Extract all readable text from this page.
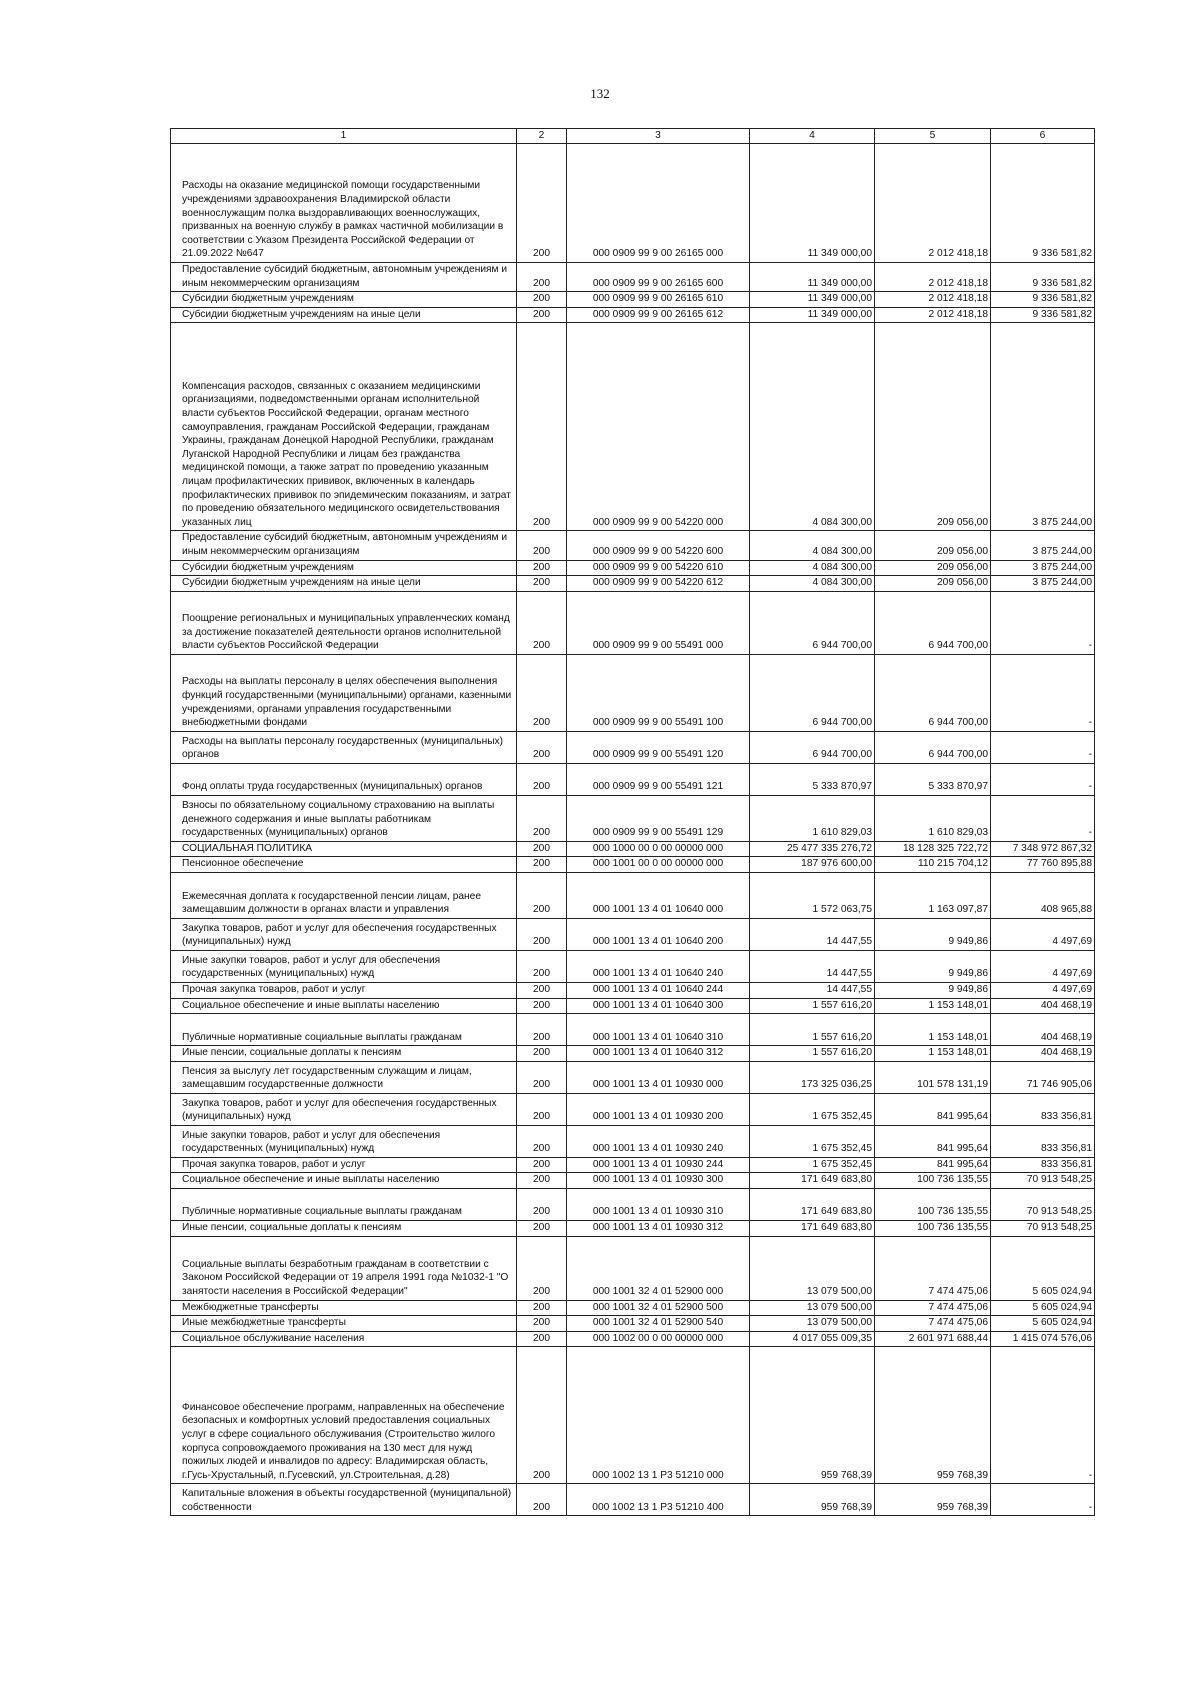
132
1	2	3	4	5	6
Расходы на оказание медицинской помощи государственными учреждениями здравоохранения Владимирской области военнослужащим полка выздоравливающих военнослужащих, призванных на военную службу в рамках частичной мобилизации в соответствии с Указом Президента Российской Федерации от 21.09.2022 №647	200	000 0909 99 9 00 26165 000	11 349 000,00	2 012 418,18	9 336 581,82
Предоставление субсидий бюджетным, автономным учреждениям и иным некоммерческим организациям	200	000 0909 99 9 00 26165 600	11 349 000,00	2 012 418,18	9 336 581,82
Субсидии бюджетным учреждениям	200	000 0909 99 9 00 26165 610	11 349 000,00	2 012 418,18	9 336 581,82
Субсидии бюджетным учреждениям на иные цели	200	000 0909 99 9 00 26165 612	11 349 000,00	2 012 418,18	9 336 581,82
Компенсация расходов, связанных с оказанием медицинскими организациями, подведомственными органам исполнительной власти субъектов Российской Федерации, органам местного самоуправления, гражданам Российской Федерации, гражданам Украины, гражданам Донецкой Народной Республики, гражданам Луганской Народной Республики и лицам без гражданства медицинской помощи, а также затрат по проведению указанным лицам профилактических прививок, включенных в календарь профилактических прививок по эпидемическим показаниям, и затрат по проведению обязательного медицинского освидетельствования указанных лиц	200	000 0909 99 9 00 54220 000	4 084 300,00	209 056,00	3 875 244,00
Предоставление субсидий бюджетным, автономным учреждениям и иным некоммерческим организациям	200	000 0909 99 9 00 54220 600	4 084 300,00	209 056,00	3 875 244,00
Субсидии бюджетным учреждениям	200	000 0909 99 9 00 54220 610	4 084 300,00	209 056,00	3 875 244,00
Субсидии бюджетным учреждениям на иные цели	200	000 0909 99 9 00 54220 612	4 084 300,00	209 056,00	3 875 244,00
Поощрение региональных и муниципальных управленческих команд за достижение показателей деятельности органов исполнительной власти субъектов Российской Федерации	200	000 0909 99 9 00 55491 000	6 944 700,00	6 944 700,00	-
Расходы на выплаты персоналу в целях обеспечения выполнения функций государственными (муниципальными) органами, казенными учреждениями, органами управления государственными внебюджетными фондами	200	000 0909 99 9 00 55491 100	6 944 700,00	6 944 700,00	-
Расходы на выплаты персоналу государственных (муниципальных) органов	200	000 0909 99 9 00 55491 120	6 944 700,00	6 944 700,00	-
Фонд оплаты труда государственных (муниципальных) органов	200	000 0909 99 9 00 55491 121	5 333 870,97	5 333 870,97	-
Взносы по обязательному социальному страхованию на выплаты денежного содержания и иные выплаты работникам государственных (муниципальных) органов	200	000 0909 99 9 00 55491 129	1 610 829,03	1 610 829,03	-
СОЦИАЛЬНАЯ ПОЛИТИКА	200	000 1000 00 0 00 00000 000	25 477 335 276,72	18 128 325 722,72	7 348 972 867,32
Пенсионное обеспечение	200	000 1001 00 0 00 00000 000	187 976 600,00	110 215 704,12	77 760 895,88
Ежемесячная доплата к государственной пенсии лицам, ранее замещавшим должности в органах власти и управления	200	000 1001 13 4 01 10640 000	1 572 063,75	1 163 097,87	408 965,88
Закупка товаров, работ и услуг для обеспечения государственных (муниципальных) нужд	200	000 1001 13 4 01 10640 200	14 447,55	9 949,86	4 497,69
Иные закупки товаров, работ и услуг для обеспечения государственных (муниципальных) нужд	200	000 1001 13 4 01 10640 240	14 447,55	9 949,86	4 497,69
Прочая закупка товаров, работ и услуг	200	000 1001 13 4 01 10640 244	14 447,55	9 949,86	4 497,69
Социальное обеспечение и иные выплаты населению	200	000 1001 13 4 01 10640 300	1 557 616,20	1 153 148,01	404 468,19
Публичные нормативные социальные выплаты гражданам	200	000 1001 13 4 01 10640 310	1 557 616,20	1 153 148,01	404 468,19
Иные пенсии, социальные доплаты к пенсиям	200	000 1001 13 4 01 10640 312	1 557 616,20	1 153 148,01	404 468,19
Пенсия за выслугу лет государственным служащим и лицам, замещавшим государственные должности	200	000 1001 13 4 01 10930 000	173 325 036,25	101 578 131,19	71 746 905,06
Закупка товаров, работ и услуг для обеспечения государственных (муниципальных) нужд	200	000 1001 13 4 01 10930 200	1 675 352,45	841 995,64	833 356,81
Иные закупки товаров, работ и услуг для обеспечения государственных (муниципальных) нужд	200	000 1001 13 4 01 10930 240	1 675 352,45	841 995,64	833 356,81
Прочая закупка товаров, работ и услуг	200	000 1001 13 4 01 10930 244	1 675 352,45	841 995,64	833 356,81
Социальное обеспечение и иные выплаты населению	200	000 1001 13 4 01 10930 300	171 649 683,80	100 736 135,55	70 913 548,25
Публичные нормативные социальные выплаты гражданам	200	000 1001 13 4 01 10930 310	171 649 683,80	100 736 135,55	70 913 548,25
Иные пенсии, социальные доплаты к пенсиям	200	000 1001 13 4 01 10930 312	171 649 683,80	100 736 135,55	70 913 548,25
Социальные выплаты безработным гражданам в соответствии с Законом Российской Федерации от 19 апреля 1991 года №1032-1 "О занятости населения в Российской Федерации"	200	000 1001 32 4 01 52900 000	13 079 500,00	7 474 475,06	5 605 024,94
Межбюджетные трансферты	200	000 1001 32 4 01 52900 500	13 079 500,00	7 474 475,06	5 605 024,94
Иные межбюджетные трансферты	200	000 1001 32 4 01 52900 540	13 079 500,00	7 474 475,06	5 605 024,94
Социальное обслуживание населения	200	000 1002 00 0 00 00000 000	4 017 055 009,35	2 601 971 688,44	1 415 074 576,06
Финансовое обеспечение программ, направленных на обеспечение безопасных и комфортных условий предоставления социальных услуг в сфере социального обслуживания (Строительство жилого корпуса сопровождаемого проживания на 130 мест для нужд пожилых людей и инвалидов по адресу: Владимирская область, г.Гусь-Хрустальный, п.Гусевский, ул.Строительная, д.28)	200	000 1002 13 1 P3 51210 000	959 768,39	959 768,39	-
Капитальные вложения в объекты государственной (муниципальной) собственности	200	000 1002 13 1 P3 51210 400	959 768,39	959 768,39	-
